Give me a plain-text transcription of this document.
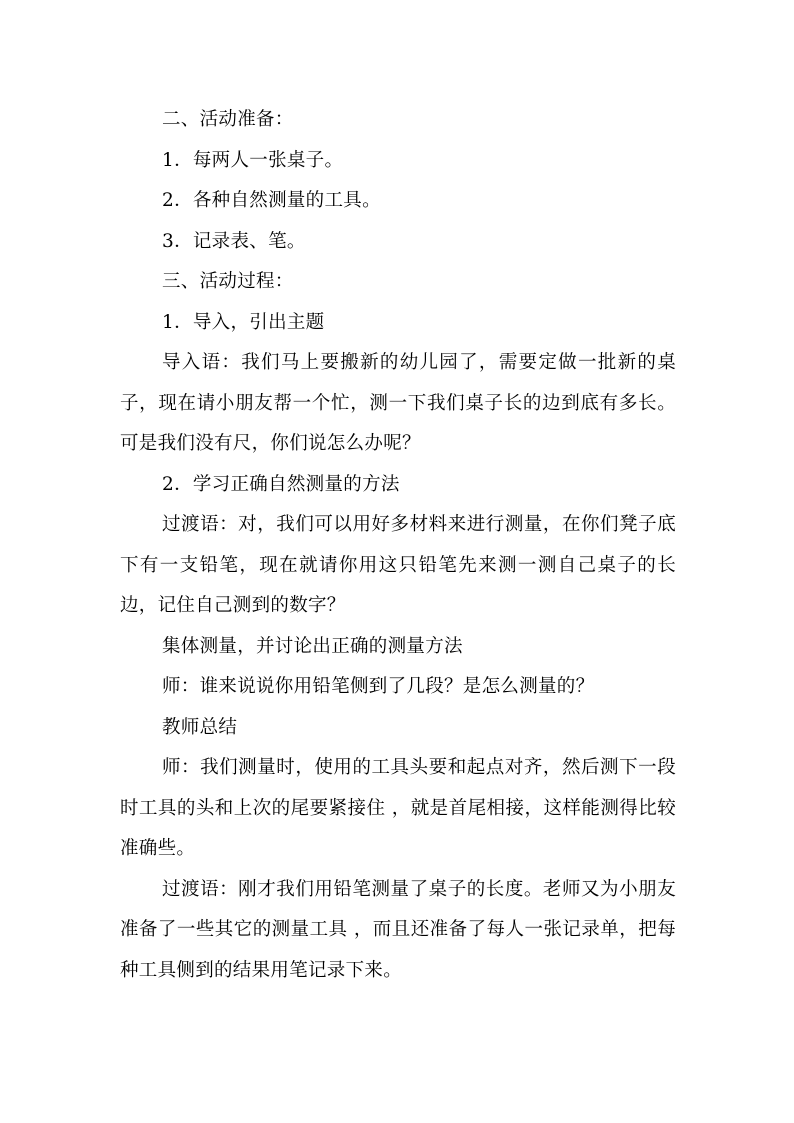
二、活动准备：

1．每两人一张桌子。

2．各种自然测量的工具。

3．记录表、笔。

三、活动过程：

1．导入，引出主题

导入语：我们马上要搬新的幼儿园了，需要定做一批新的桌子，现在请小朋友帮一个忙，测一下我们桌子长的边到底有多长。可是我们没有尺，你们说怎么办呢？

2．学习正确自然测量的方法

过渡语：对，我们可以用好多材料来进行测量，在你们凳子底下有一支铅笔，现在就请你用这只铅笔先来测一测自己桌子的长边，记住自己测到的数字？

集体测量，并讨论出正确的测量方法

师：谁来说说你用铅笔侧到了几段？是怎么测量的？

教师总结

师：我们测量时，使用的工具头要和起点对齐，然后测下一段时工具的头和上次的尾要紧接住 ，就是首尾相接，这样能测得比较准确些。

过渡语：刚才我们用铅笔测量了桌子的长度。老师又为小朋友准备了一些其它的测量工具 ，而且还准备了每人一张记录单，把每种工具侧到的结果用笔记录下来。
